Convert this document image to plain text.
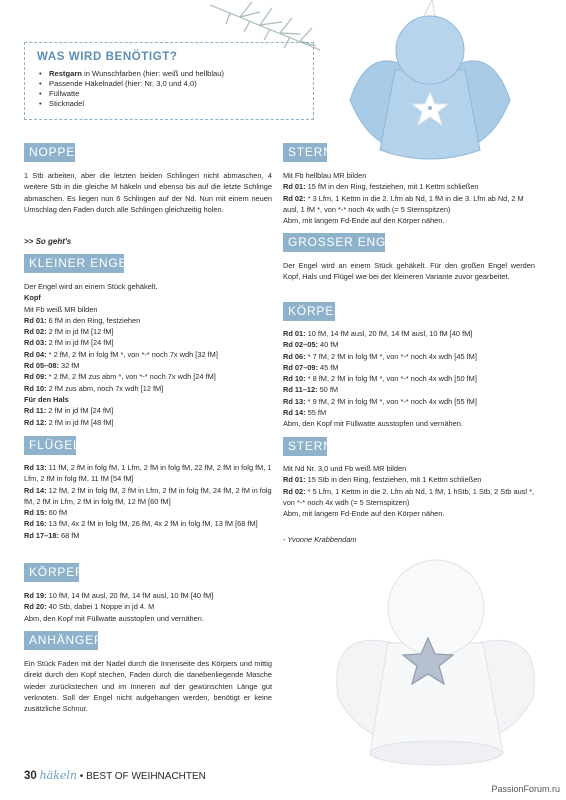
WAS WIRD BENÖTIGT?
• Restgarn in Wunschfarben (hier: weiß und hellblau)
• Passende Häkelnadel (hier: Nr. 3,0 und 4,0)
• Füllwatte
• Sticknadel
NOPPE
1 Stb arbeiten, aber die letzten beiden Schlingen nicht abmaschen, 4 weitere Stb in die gleiche M häkeln und ebenso bis auf die letzte Schlinge abmaschen. Es liegen nun 6 Schlingen auf der Nd. Nun mit einem neuen Umschlag den Faden durch alle Schlingen gleichzeitig holen.
>> So geht's
KLEINER ENGEL
Der Engel wird an einem Stück gehäkelt.
Kopf
Mit Fb weiß MR bilden
Rd 01: 6 fM in den Ring, festziehen
Rd 02: 2 fM in jd fM [12 fM]
Rd 03: 2 fM in jd fM [24 fM]
Rd 04: * 2 fM, 2 fM in folg fM *, von *-* noch 7x wdh [32 fM]
Rd 05–08: 32 fM
Rd 09: * 2 fM, 2 fM zus abm *, von *-* noch 7x wdh [24 fM]
Rd 10: 2 fM zus abm, noch 7x wdh [12 fM]
Für den Hals
Rd 11: 2 fM in jd fM [24 fM]
Rd 12: 2 fM in jd fM [48 fM]
FLÜGEL

Rd 13: 11 fM, 2 fM in folg fM, 1 Lfm, 2 fM in folg fM, 22 fM, 2 fM in folg fM, 1 Lfm, 2 fM in folg fM, 11 fM [54 fM]

Rd 14: 12 fM, 2 fM in folg fM, 2 fM in Lfm, 2 fM in folg fM, 24 fM, 2 fM in folg fM, 2 fM in Lfm, 2 fM in folg fM, 12 fM [60 fM]

Rd 15: 60 fM

Rd 16: 13 fM, 4x 2 fM in folg fM, 26 fM, 4x 2 fM in folg fM, 13 fM [68 fM]

Rd 17–18: 68 fM

KÖRPER
Rd 19: 10 fM, 14 fM ausl, 20 fM, 14 fM ausl, 10 fM [40 fM]
Rd 20: 40 Stb, dabei 1 Noppe in jd 4. M
Abm, den Kopf mit Füllwatte ausstopfen und vernähen.
ANHÄNGER
Ein Stück Faden mit der Nadel durch die Innenseite des Körpers und mittig direkt durch den Kopf stechen, Faden durch die danebenliegende Masche wieder zurückstechen und im Inneren auf der gewünschten Länge gut verknoten. Soll der Engel nicht aufgehangen werden, benötigt er keine zusätzliche Schnur.
STERN

Mit Fb hellblau MR bilden

Rd 01: 15 fM in den Ring, festziehen, mit 1 Kettm schließen

Rd 02: * 3 Lfm, 1 Kettm in die 2. Lfm ab Nd, 1 fM in die 3. Lfm ab Nd, 2 M ausl, 1 fM *, von *-* noch 4x wdh (= 5 Sternspitzen)

Abm, mit langem Fd-Ende auf den Körper nähen.

GROSSER ENGEL
Der Engel wird an einem Stück gehäkelt. Für den großen Engel werden Kopf, Hals und Flügel wie bei der kleineren Variante zuvor gearbeitet.
KÖRPER
Rd 01: 10 fM, 14 fM ausl, 20 fM, 14 fM ausl, 10 fM [40 fM]
Rd 02–05: 40 fM
Rd 06: * 7 fM, 2 fM in folg fM *, von *-* noch 4x wdh [45 fM]
Rd 07–09: 45 fM
Rd 10: * 8 fM, 2 fM in folg fM *, von *-* noch 4x wdh [50 fM]
Rd 11–12: 50 fM
Rd 13: * 9 fM, 2 fM in folg fM *, von *-* noch 4x wdh [55 fM]
Rd 14: 55 fM
Abm, den Kopf mit Füllwatte ausstopfen und vernähen.
STERN

Mit Nd Nr. 3,0 und Fb weiß MR bilden

Rd 01: 15 Stb in den Ring, festziehen, mit 1 Kettm schließen

Rd 02: * 5 Lfm, 1 Kettm in die 2. Lfm ab Nd, 1 fM, 1 hStb, 1 Stb, 2 Stb ausl *, von *-* noch 4x wdh (= 5 Sternspitzen)

Abm, mit langem Fd-Ende auf den Körper nähen.

- Yvonne Krabbendam
30 häkeln • BEST OF WEIHNACHTEN
PassionForum.ru
